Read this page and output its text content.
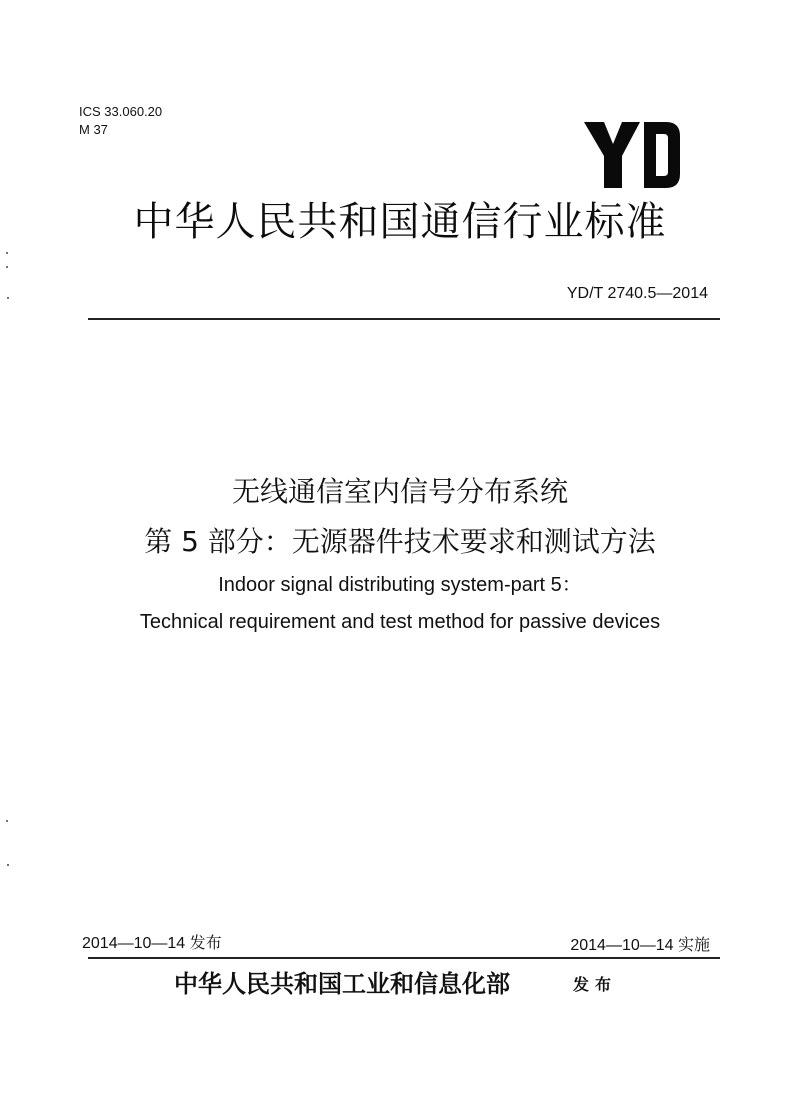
ICS 33.060.20
M 37
中华人民共和国通信行业标准
YD/T 2740.5—2014
无线通信室内信号分布系统
第 5 部分：无源器件技术要求和测试方法
Indoor signal distributing system-part 5：
Technical requirement and test method for passive devices
2014—10—14 发布	2014—10—14 实施
中华人民共和国工业和信息化部	发布
